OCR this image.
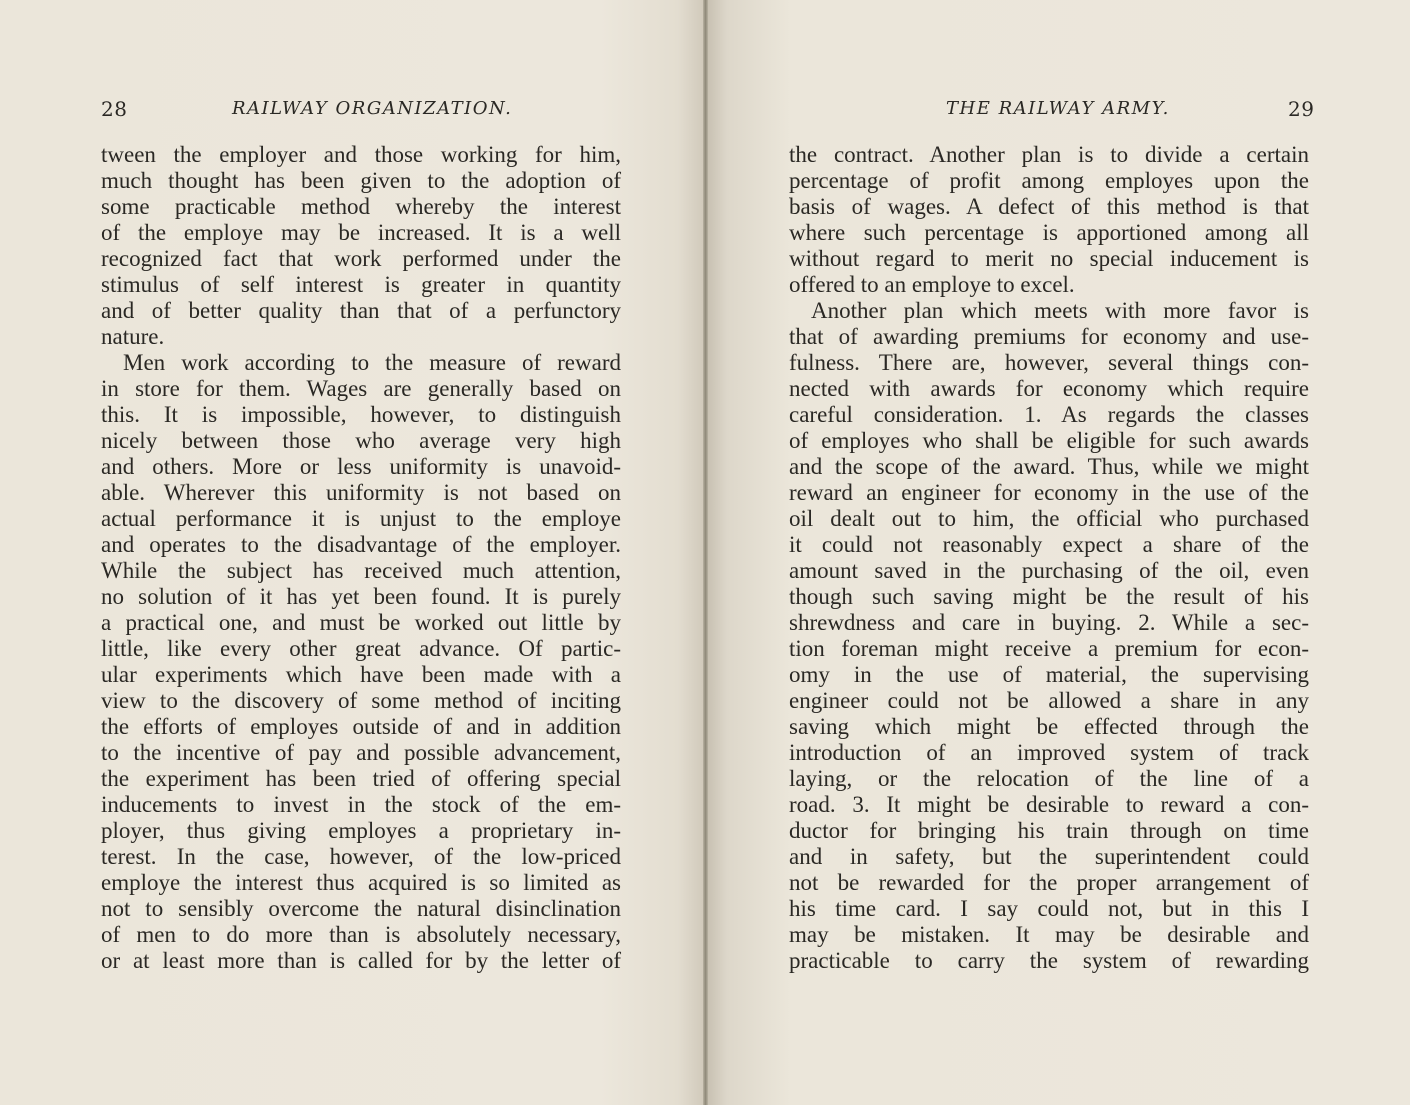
28	RAILWAY ORGANIZATION.
tween the employer and those working for him,
much thought has been given to the adoption of
some practicable method whereby the interest
of the employe may be increased. It is a well
recognized fact that work performed under the
stimulus of self interest is greater in quantity
and of better quality than that of a perfunctory
nature.
Men work according to the measure of reward
in store for them. Wages are generally based on
this. It is impossible, however, to distinguish
nicely between those who average very high
and others. More or less uniformity is unavoid-
able. Wherever this uniformity is not based on
actual performance it is unjust to the employe
and operates to the disadvantage of the employer.
While the subject has received much attention,
no solution of it has yet been found. It is purely
a practical one, and must be worked out little by
little, like every other great advance. Of partic-
ular experiments which have been made with a
view to the discovery of some method of inciting
the efforts of employes outside of and in addition
to the incentive of pay and possible advancement,
the experiment has been tried of offering special
inducements to invest in the stock of the em-
ployer, thus giving employes a proprietary in-
terest. In the case, however, of the low-priced
employe the interest thus acquired is so limited as
not to sensibly overcome the natural disinclination
of men to do more than is absolutely necessary,
or at least more than is called for by the letter of
THE RAILWAY ARMY.	29
the contract. Another plan is to divide a certain
percentage of profit among employes upon the
basis of wages. A defect of this method is that
where such percentage is apportioned among all
without regard to merit no special inducement is
offered to an employe to excel.
Another plan which meets with more favor is
that of awarding premiums for economy and use-
fulness. There are, however, several things con-
nected with awards for economy which require
careful consideration. 1. As regards the classes
of employes who shall be eligible for such awards
and the scope of the award. Thus, while we might
reward an engineer for economy in the use of the
oil dealt out to him, the official who purchased
it could not reasonably expect a share of the
amount saved in the purchasing of the oil, even
though such saving might be the result of his
shrewdness and care in buying. 2. While a sec-
tion foreman might receive a premium for econ-
omy in the use of material, the supervising
engineer could not be allowed a share in any
saving which might be effected through the
introduction of an improved system of track
laying, or the relocation of the line of a
road. 3. It might be desirable to reward a con-
ductor for bringing his train through on time
and in safety, but the superintendent could
not be rewarded for the proper arrangement of
his time card. I say could not, but in this I
may be mistaken. It may be desirable and
practicable to carry the system of rewarding
